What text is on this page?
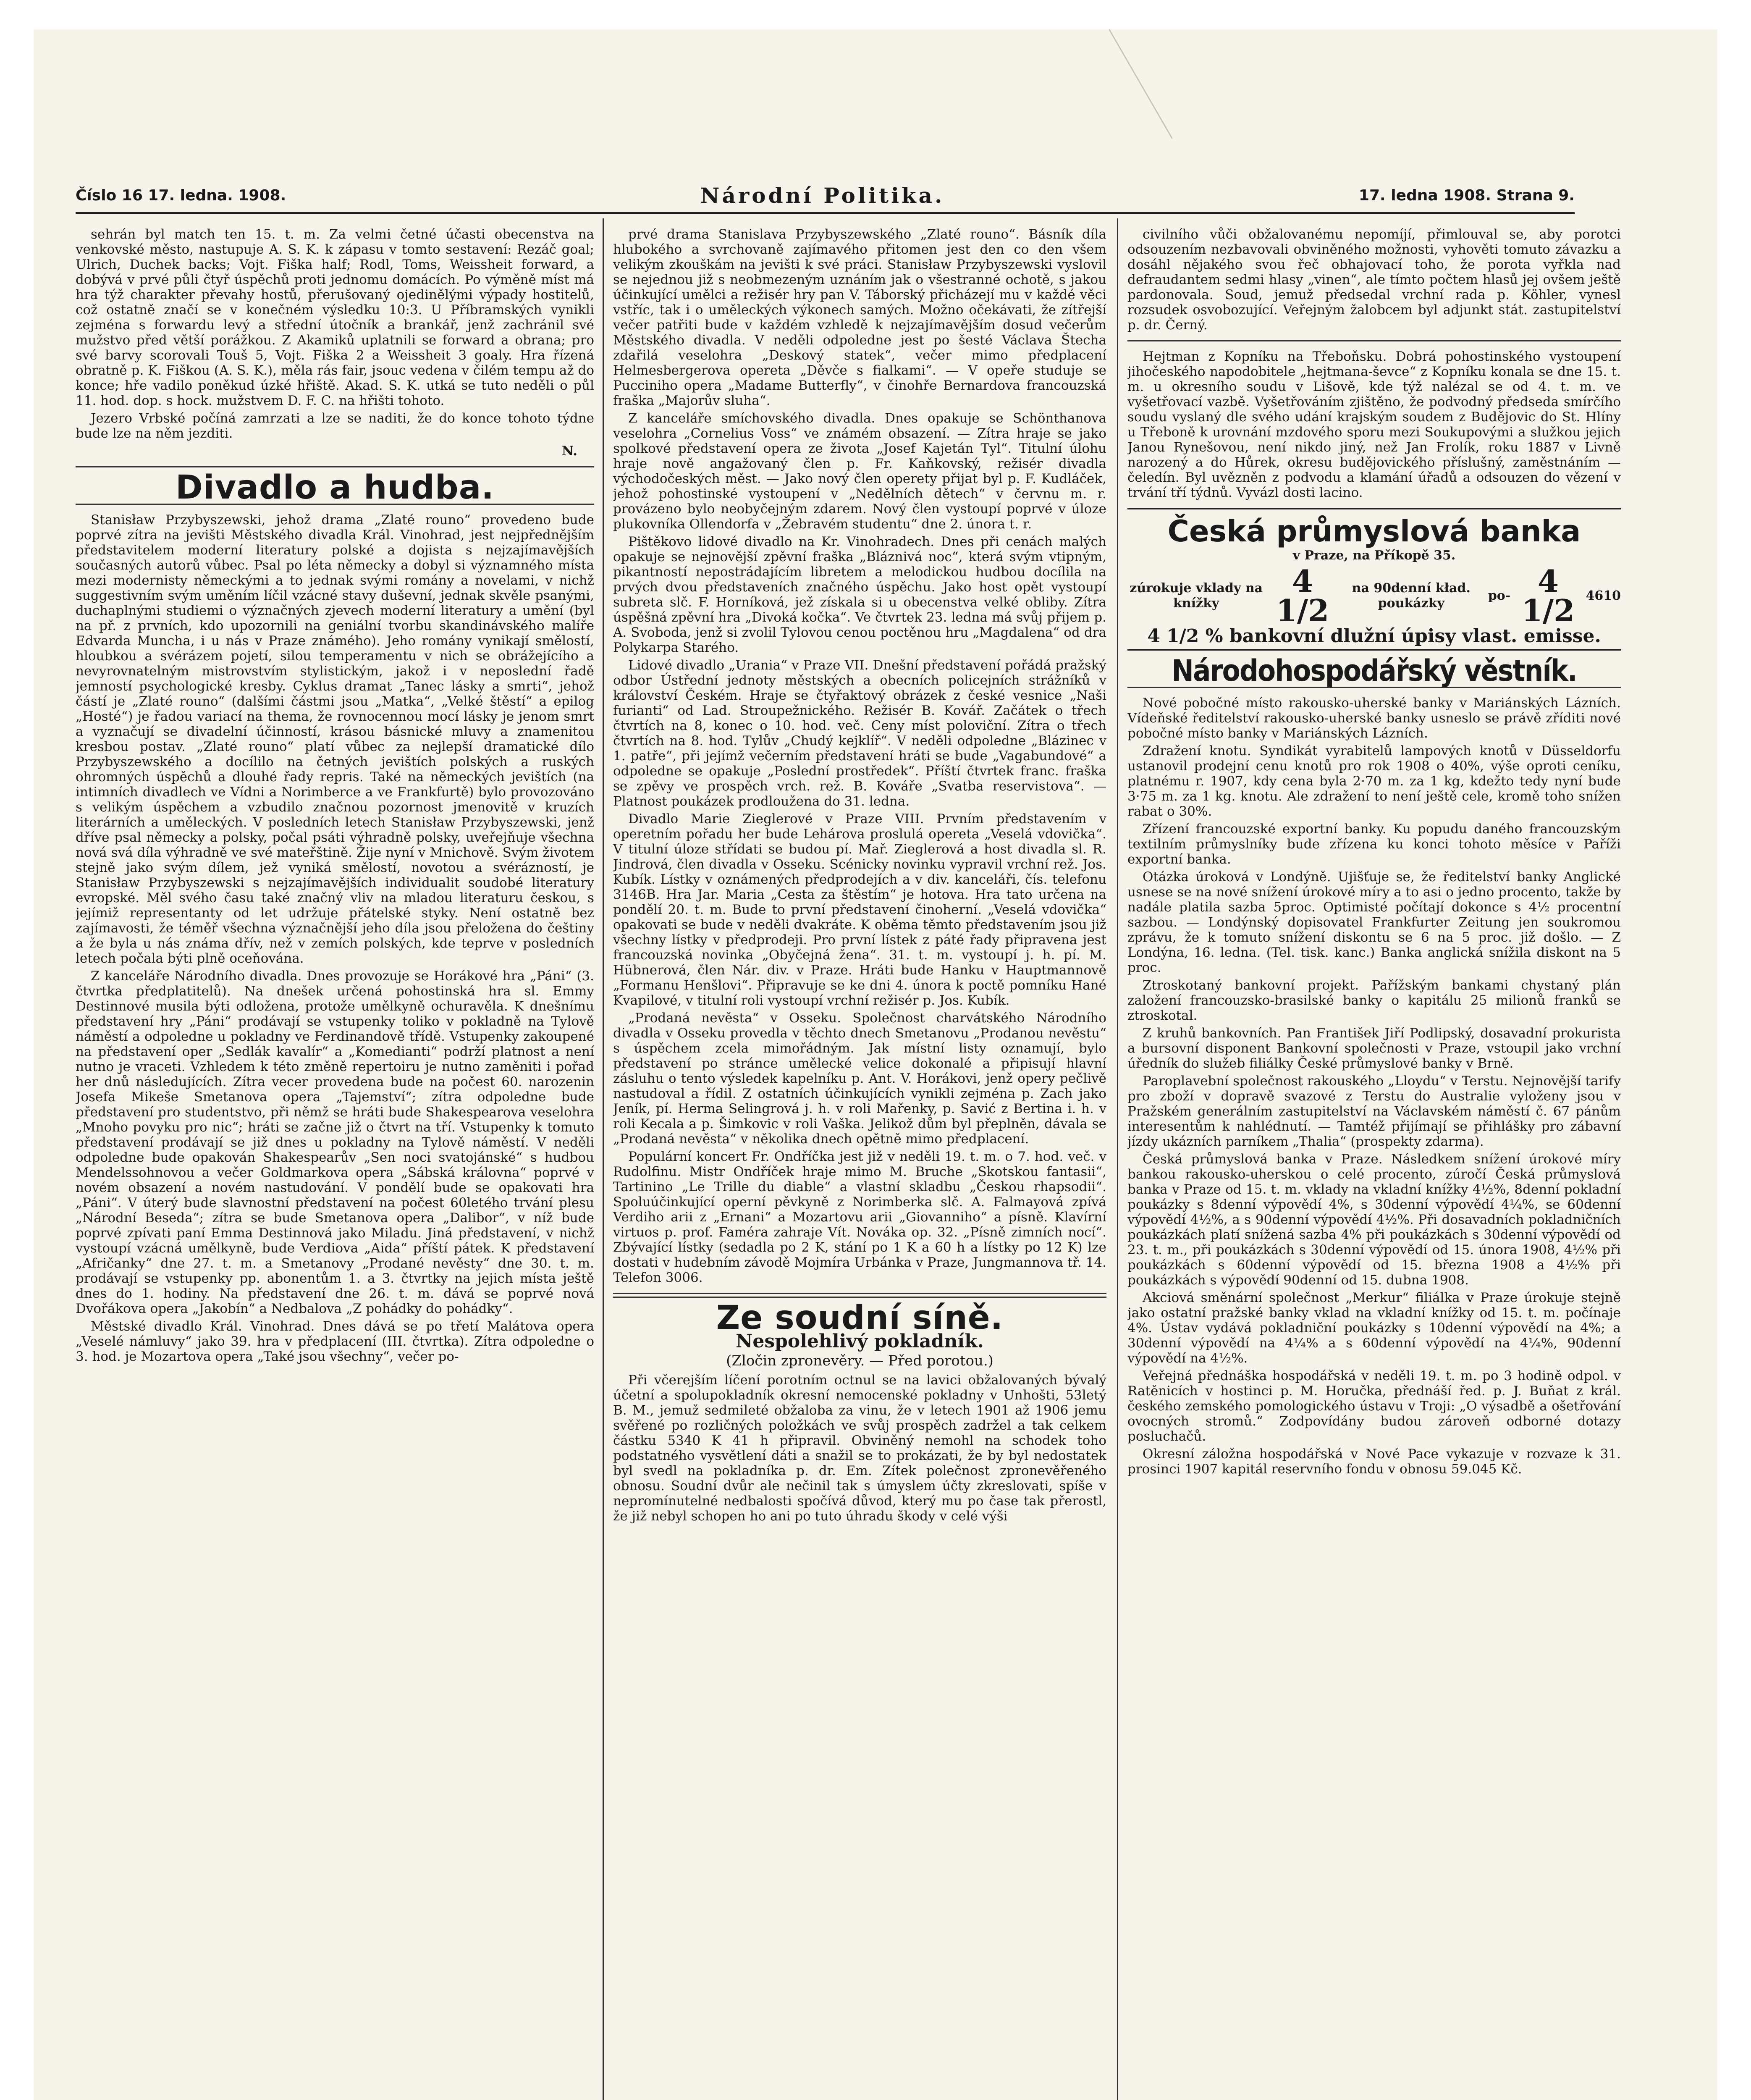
Číslo 16 17. ledna. 1908.	Národní Politika.	17. ledna 1908. Strana 9.

sehrán byl match ten 15. t. m. Za velmi četné účasti obecenstva na venkovské město, nastupuje A. S. K. k zápasu v tomto sestavení: Rezáč goal; Ulrich, Duchek backs; Vojt. Fiška half; Rodl, Toms, Weissheit forward, a dobývá v prvé půli čtyř úspěchů proti jednomu domácích. Po výměně míst má hra týž charakter převahy hostů, přerušovaný ojedinělými výpady hostitelů, což ostatně značí se v konečném výsledku 10:3. U Příbramských vynikli zejména s forwardu levý a střední útočník a brankář, jenž zachránil své mužstvo před větší porážkou. Z Akamiků uplatnili se forward a obrana; pro své barvy scorovali Touš 5, Vojt. Fiška 2 a Weissheit 3 goaly. Hra řízená obratně p. K. Fiškou (A. S. K.), měla rás fair, jsouc vedena v čilém tempu až do konce; hře vadilo poněkud úzké hřiště. Akad. S. K. utká se tuto neděli o půl 11. hod. dop. s hock. mužstvem D. F. C. na hřišti tohoto.

Jezero Vrbské počíná zamrzati a lze se naditi, že do konce tohoto týdne bude lze na něm jezditi.

N.
Divadlo a hudba.

Stanisław Przybyszewski, jehož drama „Zlaté rouno“ provedeno bude poprvé zítra na jevišti Městského divadla Král. Vinohrad, jest nejpřednějším představitelem moderní literatury polské a dojista s nejzajímavějších současných autorů vůbec. Psal po léta německy a dobyl si významného místa mezi modernisty německými a to jednak svými romány a novelami, v nichž suggestivním svým uměním líčil vzácné stavy duševní, jednak skvěle psanými, duchaplnými studiemi o význačných zjevech moderní literatury a umění (byl na př. z prvních, kdo upozornili na geniální tvorbu skandinávského malíře Edvarda Muncha, i u nás v Praze známého). Jeho romány vynikají smělostí, hloubkou a svérázem pojetí, silou temperamentu v nich se obrážejícího a nevyrovnatelným mistrovstvím stylistickým, jakož i v neposlední řadě jemností psychologické kresby. Cyklus dramat „Tanec lásky a smrti“, jehož částí je „Zlaté rouno“ (dalšími částmi jsou „Matka“, „Velké štěstí“ a epilog „Hosté“) je řadou variací na thema, že rovnocennou mocí lásky je jenom smrt a vyznačují se divadelní účinností, krásou básnické mluvy a znamenitou kresbou postav. „Zlaté rouno“ platí vůbec za nejlepší dramatické dílo Przybyszewského a docílilo na četných jevištích polských a ruských ohromných úspěchů a dlouhé řady repris. Také na německých jevištích (na intimních divadlech ve Vídni a Norimberce a ve Frankfurtě) bylo provozováno s velikým úspěchem a vzbudilo značnou pozornost jmenovitě v kruzích literárních a uměleckých. V posledních letech Stanisław Przybyszewski, jenž dříve psal německy a polsky, počal psáti výhradně polsky, uveřejňuje všechna nová svá díla výhradně ve své mateřštině. Žije nyní v Mnichově. Svým životem stejně jako svým dílem, jež vyniká smělostí, novotou a svérázností, je Stanisław Przybyszewski s nejzajímavějších individualit soudobé literatury evropské. Měl svého času také značný vliv na mladou literaturu českou, s jejímiž representanty od let udržuje přátelské styky. Není ostatně bez zajímavosti, že téměř všechna význačnější jeho díla jsou přeložena do češtiny a že byla u nás známa dřív, než v zemích polských, kde teprve v posledních letech počala býti plně oceňována.

Z kanceláře Národního divadla. Dnes provozuje se Horákové hra „Páni“ (3. čtvrtka předplatitelů). Na dnešek určená pohostinská hra sl. Emmy Destinnové musila býti odložena, protože umělkyně ochuravěla. K dnešnímu představení hry „Páni“ prodávají se vstupenky toliko v pokladně na Tylově náměstí a odpoledne u pokladny ve Ferdinandově třídě. Vstupenky zakoupené na představení oper „Sedlák kavalír“ a „Komedianti“ podrží platnost a není nutno je vraceti. Vzhledem k této změně repertoiru je nutno zaměniti i pořad her dnů následujících. Zítra vecer provedena bude na počest 60. narozenin Josefa Mikeše Smetanova opera „Tajemství“; zítra odpoledne bude představení pro studentstvo, při němž se hráti bude Shakespearova veselohra „Mnoho povyku pro nic“; hráti se začne již o čtvrt na tří. Vstupenky k tomuto představení prodávají se již dnes u pokladny na Tylově náměstí. V neděli odpoledne bude opakován Shakespearův „Sen noci svatojánské“ s hudbou Mendelssohnovou a večer Goldmarkova opera „Sábská královna“ poprvé v novém obsazení a novém nastudování. V pondělí bude se opakovati hra „Páni“. V úterý bude slavnostní představení na počest 60letého trvání plesu „Národní Beseda“; zítra se bude Smetanova opera „Dalibor“, v níž bude poprvé zpívati paní Emma Destinnová jako Miladu. Jiná představení, v nichž vystoupí vzácná umělkyně, bude Verdiova „Aida“ příští pátek. K představení „Afričanky“ dne 27. t. m. a Smetanovy „Prodané nevěsty“ dne 30. t. m. prodávají se vstupenky pp. abonentům 1. a 3. čtvrtky na jejich místa ještě dnes do 1. hodiny. Na představení dne 26. t. m. dává se poprvé nová Dvořákova opera „Jakobín“ a Nedbalova „Z pohádky do pohádky“.

Městské divadlo Král. Vinohrad. Dnes dává se po třetí Malátova opera „Veselé námluvy“ jako 39. hra v předplacení (III. čtvrtka). Zítra odpoledne o 3. hod. je Mozartova opera „Také jsou všechny“, večer po-

prvé drama Stanislava Przybyszewského „Zlaté rouno“. Básník díla hlubokého a svrchovaně zajímavého přitomen jest den co den všem velikým zkouškám na jevišti k své práci. Stanisław Przybyszewski vyslovil se nejednou již s neobmezeným uznáním jak o všestranné ochotě, s jakou účinkující umělci a režisér hry pan V. Táborský přicházejí mu v každé věci vstříc, tak i o uměleckých výkonech samých. Možno očekávati, že zítřejší večer patřiti bude v každém vzhledě k nejzajímavějším dosud večerům Městského divadla. V neděli odpoledne jest po šesté Václava Štecha zdařilá veselohra „Deskový statek“, večer mimo předplacení Helmesbergerova opereta „Děvče s fialkami“. — V opeře studuje se Pucciniho opera „Madame Butterfly“, v činohře Bernardova francouzská fraška „Majorův sluha“.

Z kanceláře smíchovského divadla. Dnes opakuje se Schönthanova veselohra „Cornelius Voss“ ve známém obsazení. — Zítra hraje se jako spolkové představení opera ze života „Josef Kajetán Tyl“. Titulní úlohu hraje nově angažovaný člen p. Fr. Kaňkovský, režisér divadla východočeských měst. — Jako nový člen operety přijat byl p. F. Kudláček, jehož pohostinské vystoupení v „Nedělních dětech“ v červnu m. r. provázeno bylo neobyčejným zdarem. Nový člen vystoupí poprvé v úloze plukovníka Ollendorfa v „Žebravém studentu“ dne 2. února t. r.

Pištěkovo lidové divadlo na Kr. Vinohradech. Dnes při cenách malých opakuje se nejnovější zpěvní fraška „Bláznivá noc“, která svým vtipným, pikantností nepostrádajícím libretem a melodickou hudbou docílila na prvých dvou představeních značného úspěchu. Jako host opět vystoupí subreta slč. F. Horníková, jež získala si u obecenstva velké obliby. Zítra úspěšná zpěvní hra „Divoká kočka“. Ve čtvrtek 23. ledna má svůj přijem p. A. Svoboda, jenž si zvolil Tylovou cenou poctěnou hru „Magdalena“ od dra Polykarpa Starého.

Lidové divadlo „Urania“ v Praze VII. Dnešní představení pořádá pražský odbor Ústřední jednoty městských a obecních policejních strážníků v království Českém. Hraje se čtyřaktový obrázek z české vesnice „Naši furianti“ od Lad. Stroupežnického. Režisér B. Kovář. Začátek o třech čtvrtích na 8, konec o 10. hod. več. Ceny míst poloviční. Zítra o třech čtvrtích na 8. hod. Tylův „Chudý kejklíř“. V neděli odpoledne „Blázinec v 1. patře“, při jejímž večerním představení hráti se bude „Vagabundové“ a odpoledne se opakuje „Poslední prostředek“. Příští čtvrtek franc. fraška se zpěvy ve prospěch vrch. rež. B. Kováře „Svatba reservistova“. — Platnost poukázek prodloužena do 31. ledna.

Divadlo Marie Zieglerové v Praze VIII. Prvním představením v operetním pořadu her bude Lehárova proslulá opereta „Veselá vdovička“. V titulní úloze střídati se budou pí. Mař. Zieglerová a host divadla sl. R. Jindrová, člen divadla v Osseku. Scénicky novinku vypravil vrchní rež. Jos. Kubík. Lístky v oznámených předprodejích a v div. kanceláři, čís. telefonu 3146B. Hra Jar. Maria „Cesta za štěstím“ je hotova. Hra tato určena na pondělí 20. t. m. Bude to první představení činoherní. „Veselá vdovička“ opakovati se bude v neděli dvakráte. K oběma těmto představením jsou již všechny lístky v předprodeji. Pro první lístek z páté řady připravena jest francouzská novinka „Obyčejná žena“. 31. t. m. vystoupí j. h. pí. M. Hübnerová, člen Nár. div. v Praze. Hráti bude Hanku v Hauptmannově „Formanu Henšlovi“. Připravuje se ke dni 4. února k poctě pomníku Hané Kvapilové, v titulní roli vystoupí vrchní režisér p. Jos. Kubík.

„Prodaná nevěsta“ v Osseku. Společnost charvátského Národního divadla v Osseku provedla v těchto dnech Smetanovu „Prodanou nevěstu“ s úspěchem zcela mimořádným. Jak místní listy oznamují, bylo představení po stránce umělecké velice dokonalé a připisují hlavní zásluhu o tento výsledek kapelníku p. Ant. V. Horákovi, jenž opery pečlivě nastudoval a řídil. Z ostatních účinkujících vynikli zejména p. Zach jako Jeník, pí. Herma Selingrová j. h. v roli Mařenky, p. Savić z Bertina i. h. v roli Kecala a p. Šimkovic v roli Vaška. Jelikož dům byl přeplněn, dávala se „Prodaná nevěsta“ v několika dnech opětně mimo předplacení.

Populární koncert Fr. Ondříčka jest již v neděli 19. t. m. o 7. hod. več. v Rudolfinu. Mistr Ondříček hraje mimo M. Bruche „Skotskou fantasii“, Tartinino „Le Trille du diable“ a vlastní skladbu „Českou rhapsodii“. Spoluúčinkující operní pěvkyně z Norimberka slč. A. Falmayová zpívá Verdiho arii z „Ernani“ a Mozartovu arii „Giovanniho“ a písně. Klavírní virtuos p. prof. Faméra zahraje Vít. Nováka op. 32. „Písně zimních nocí“. Zbývající lístky (sedadla po 2 K, stání po 1 K a 60 h a lístky po 12 K) lze dostati v hudebním závodě Mojmíra Urbánka v Praze, Jungmannova tř. 14. Telefon 3006.

Ze soudní síně.
Nespolehlivý pokladník.
(Zločin zpronevěry. — Před porotou.)

Při včerejším líčení porotním octnul se na lavici obžalovaných bývalý účetní a spolupokladník okresní nemocenské pokladny v Unhošti, 53letý B. M., jemuž sedmileté obžaloba za vinu, že v letech 1901 až 1906 jemu svěřené po rozličných položkách ve svůj prospěch zadržel a tak celkem částku 5340 K 41 h připravil. Obviněný nemohl na schodek toho podstatného vysvětlení dáti a snažil se to prokázati, že by byl nedostatek byl svedl na pokladníka p. dr. Em. Zítek polečnost zpronevěřeného obnosu. Soudní dvůr ale nečinil tak s úmyslem účty zkreslovati, spíše v nepromínutelné nedbalosti spočívá důvod, který mu po čase tak přerostl, že již nebyl schopen ho ani po tuto úhradu škody v celé výši

civilního vůči obžalovanému nepomíjí, přimlouval se, aby porotci odsouzením nezbavovali obviněného možnosti, vyhověti tomuto závazku a dosáhl nějakého svou řeč obhajovací toho, že porota vyřkla nad defraudantem sedmi hlasy „vinen“, ale tímto počtem hlasů jej ovšem ještě pardonovala. Soud, jemuž předsedal vrchní rada p. Köhler, vynesl rozsudek osvobozující. Veřejným žalobcem byl adjunkt stát. zastupitelství p. dr. Černý.

Hejtman z Kopníku na Třeboňsku. Dobrá pohostinského vystoupení jihočeského napodobitele „hejtmana-ševce“ z Kopníku konala se dne 15. t. m. u okresního soudu v Lišově, kde týž nalézal se od 4. t. m. ve vyšetřovací vazbě. Vyšetřováním zjištěno, že podvodný předseda smírčího soudu vyslaný dle svého udání krajským soudem z Budějovic do St. Hlíny u Třeboně k urovnání mzdového sporu mezi Soukupovými a služkou jejich Janou Rynešovou, není nikdo jiný, než Jan Frolík, roku 1887 v Livně narozený a do Hůrek, okresu budějovického příslušný, zaměstnáním — čeledín. Byl uvězněn z podvodu a klamání úřadů a odsouzen do vězení v trvání tří týdnů. Vyvázl dosti lacino.

Česká průmyslová banka
v Praze, na Příkopě 35.
zúrokuje vklady na knížky
4 1/2
na 90denní kład. poukázky
po- 4 1/2 4610
4 1/2 % bankovní dlužní úpisy vlast. emisse.
Národohospodářský věstník.

Nové pobočné místo rakousko-uherské banky v Mariánských Lázních. Vídeňské ředitelství rakousko-uherské banky usneslo se právě zříditi nové pobočné místo banky v Mariánských Lázních.

Zdražení knotu. Syndikát vyrabitelů lampových knotů v Düsseldorfu ustanovil prodejní cenu knotů pro rok 1908 o 40%, výše oproti ceníku, platnému r. 1907, kdy cena byla 2·70 m. za 1 kg, kdežto tedy nyní bude 3·75 m. za 1 kg. knotu. Ale zdražení to není ještě cele, kromě toho snížen rabat o 30%.

Zřízení francouzské exportní banky. Ku popudu daného francouzským textilním průmyslníky bude zřízena ku konci tohoto měsíce v Paříži exportní banka.

Otázka úroková v Londýně. Ujišťuje se, že ředitelství banky Anglické usnese se na nové snížení úrokové míry a to asi o jedno procento, takže by nadále platila sazba 5proc. Optimisté počítají dokonce s 4½ procentní sazbou. — Londýnský dopisovatel Frankfurter Zeitung jen soukromou zprávu, že k tomuto snížení diskontu se 6 na 5 proc. již došlo. — Z Londýna, 16. ledna. (Tel. tisk. kanc.) Banka anglická snížila diskont na 5 proc.

Ztroskotaný bankovní projekt. Pařížským bankami chystaný plán založení francouzsko-brasilské banky o kapitálu 25 milionů franků se ztroskotal.

Z kruhů bankovních. Pan František Jiří Podlipský, dosavadní prokurista a bursovní disponent Bankovní společnosti v Praze, vstoupil jako vrchní úředník do služeb filiálky České průmyslové banky v Brně.

Paroplavební společnost rakouského „Lloydu“ v Terstu. Nejnovější tarify pro zboží v dopravě svazové z Terstu do Australie vyloženy jsou v Pražském generálním zastupitelství na Václavském náměstí č. 67 pánům interesentům k nahlédnutí. — Tamtéž přijímají se přihlášky pro zábavní jízdy ukázních parníkem „Thalia“ (prospekty zdarma).

Česká průmyslová banka v Praze. Následkem snížení úrokové míry bankou rakousko-uherskou o celé procento, zúročí Česká průmyslová banka v Praze od 15. t. m. vklady na vkladní knížky 4½%, 8denní pokladní poukázky s 8denní výpovědí 4%, s 30denní výpovědí 4¼%, se 60denní výpovědí 4½%, a s 90denní výpovědí 4½%. Při dosavadních pokladničních poukázkách platí snížená sazba 4% při poukázkách s 30denní výpovědí od 23. t. m., při poukázkách s 30denní výpovědí od 15. února 1908, 4½% při poukázkách s 60denní výpovědí od 15. března 1908 a 4½% při poukázkách s výpovědí 90denní od 15. dubna 1908.

Akciová směnární společnost „Merkur“ filiálka v Praze úrokuje stejně jako ostatní pražské banky vklad na vkladní knížky od 15. t. m. počínaje 4%. Ústav vydává pokladniční poukázky s 10denní výpovědí na 4%; a 30denní výpovědí na 4¼% a s 60denní výpovědí na 4¼%, 90denní výpovědí na 4½%.

Veřejná přednáška hospodářská v neděli 19. t. m. po 3 hodině odpol. v Ratěnicích v hostinci p. M. Horučka, přednáší řed. p. J. Buňat z král. českého zemského pomologického ústavu v Troji: „O výsadbě a ošetřování ovocných stromů.“ Zodpovídány budou zároveň odborné dotazy posluchačů.

Okresní záložna hospodářská v Nové Pace vykazuje v rozvaze k 31. prosinci 1907 kapitál reservního fondu v obnosu 59.045 Kč.
